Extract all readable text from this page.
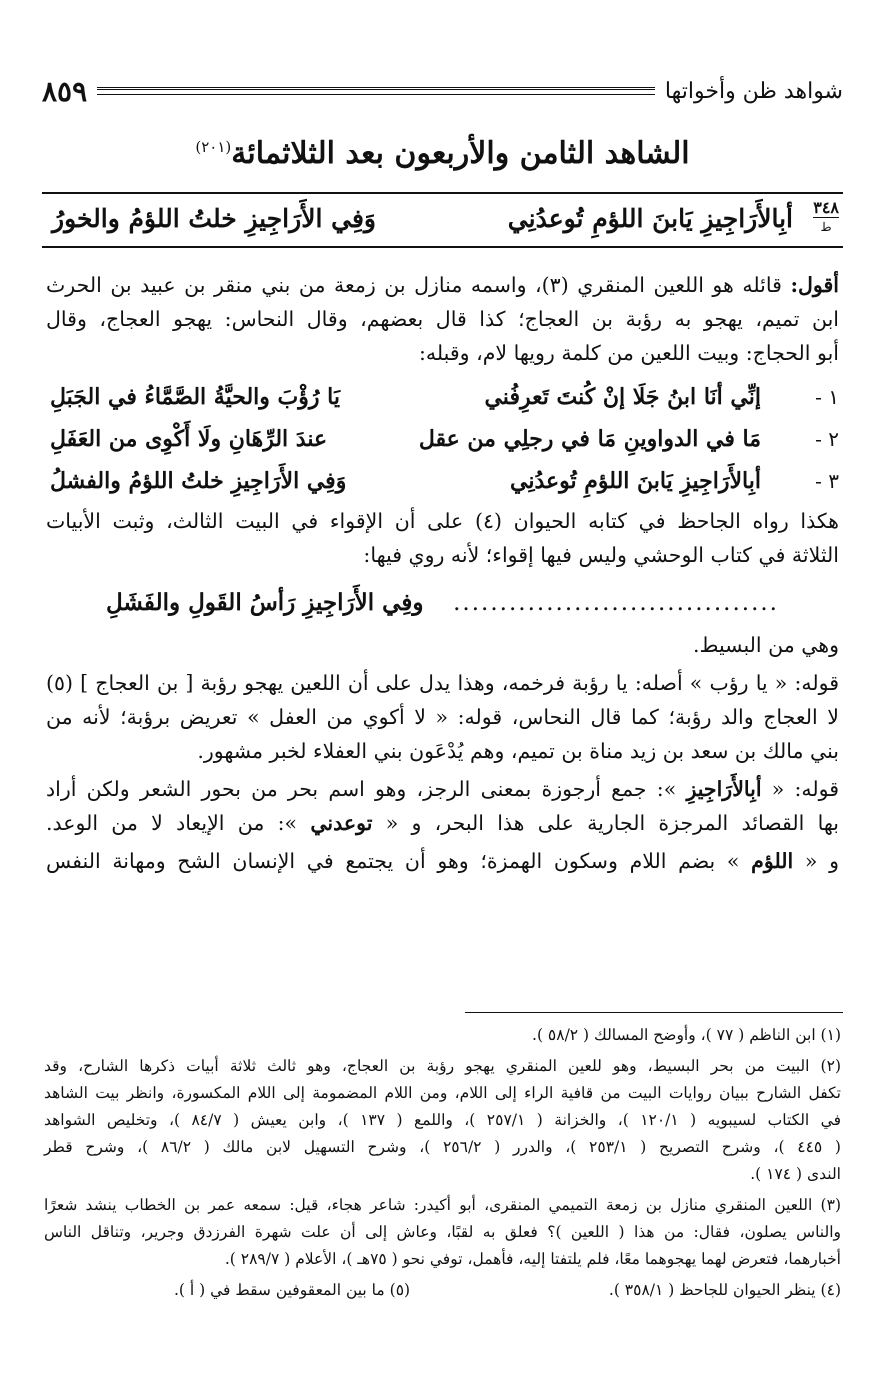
شواهد ظن وأخواتها
٨٥٩
الشاهد الثامن والأربعون بعد الثلاثمائة$^{(٢٠١)}$
٣٤٨
ط
أبِالأَرَاجِيزِ يَابنَ اللؤمِ تُوعدُنِي
وَفِي الأَرَاجِيزِ خلتُ اللؤمُ والخورُ

أقول: قائله هو اللعين المنقري (٣)، واسمه منازل بن زمعة من بني منقر بن عبيد بن الحرث
ابن تميم، يهجو به رؤبة بن العجاج؛ كذا قال بعضهم، وقال النحاس: يهجو العجاج، وقال
أبو الحجاج: وبيت اللعين من كلمة رويها لام، وقبله:

١ -
إنِّي أنَا ابنُ جَلَا إنْ كُنتَ تَعرِفُني
يَا رُؤْبَ والحيَّةُ الصَّمَّاءُ في الجَبَلِ
٢ -
مَا في الدواوينِ مَا في رجلِي من عقل
عندَ الرِّهَانِ ولَا أَكْوِى من العَفَلِ
٣ -
أبِالأَرَاجِيزِ يَابنَ اللؤمِ تُوعدُنِي
وَفِي الأَرَاجِيزِ خلتُ اللؤمُ والفشلُ

هكذا رواه الجاحظ في كتابه الحيوان (٤) على أن الإقواء في البيت الثالث، وثبت الأبيات
الثلاثة في كتاب الوحشي وليس فيها إقواء؛ لأنه روي فيها:

...................................
وفِي الأَرَاجِيزِ رَأسُ القَولِ والفَشَلِ

وهي من البسيط.

قوله: « يا رؤب » أصله: يا رؤبة فرخمه، وهذا يدل على أن اللعين يهجو رؤبة [ بن العجاج ] (٥)
لا العجاج والد رؤبة؛ كما قال النحاس، قوله: « لا أكوي من العفل » تعريض برؤبة؛ لأنه من
بني مالك بن سعد بن زيد مناة بن تميم، وهم يُدْعَون بني العفلاء لخبر مشهور.

قوله: « أبِالأَرَاجِيزِ »: جمع أرجوزة بمعنى الرجز، وهو اسم بحر من بحور الشعر ولكن أراد
بها القصائد المرجزة الجارية على هذا البحر، و « توعدني »: من الإيعاد لا من الوعد.

و « اللؤم » بضم اللام وسكون الهمزة؛ وهو أن يجتمع في الإنسان الشح ومهانة النفس

(١) ابن الناظم ( ٧٧ )، وأوضح المسالك ( ٥٨/٢ ).

(٢) البيت من بحر البسيط، وهو للعين المنقري يهجو رؤبة بن العجاج، وهو ثالث ثلاثة أبيات ذكرها الشارح، وقد
تكفل الشارح ببيان روايات البيت من قافية الراء إلى اللام، ومن اللام المضمومة إلى اللام المكسورة، وانظر بيت الشاهد
في الكتاب لسيبويه ( ١٢٠/١ )، والخزانة ( ٢٥٧/١ )، واللمع ( ١٣٧ )، وابن يعيش ( ٨٤/٧ )، وتخليص الشواهد
( ٤٤٥ )، وشرح التصريح ( ٢٥٣/١ )، والدرر ( ٢٥٦/٢ )، وشرح التسهيل لابن مالك ( ٨٦/٢ )، وشرح قطر
الندى ( ١٧٤ ).

(٣) اللعين المنقري منازل بن زمعة التميمي المنقرى، أبو أكيدر: شاعر هجاء، قيل: سمعه عمر بن الخطاب ينشد شعرًا
والناس يصلون، فقال: من هذا ( اللعين )؟ فعلق به لقبًا، وعاش إلى أن علت شهرة الفرزدق وجرير، وتناقل الناس
أخبارهما، فتعرض لهما يهجوهما معًا، فلم يلتفتا إليه، فأهمل، توفي نحو ( ٧٥هـ )، الأعلام ( ٢٨٩/٧ ).

(٤) ينظر الحيوان للجاحظ ( ٣٥٨/١ ).
(٥) ما بين المعقوفين سقط في ( أ ).
